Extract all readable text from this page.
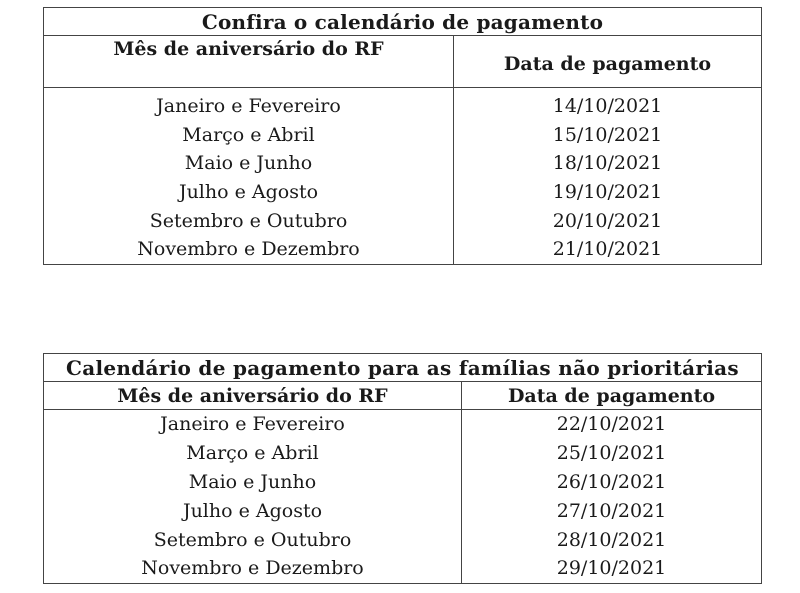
Confira o calendário de pagamento	
Mês de aniversário do RF	Data de pagamento
Janeiro e Fevereiro	14/10/2021
Março e Abril	15/10/2021
Maio e Junho	18/10/2021
Julho e Agosto	19/10/2021
Setembro e Outubro	20/10/2021
Novembro e Dezembro	21/10/2021
Calendário de pagamento para as famílias não prioritárias	
Mês de aniversário do RF	Data de pagamento
Janeiro e Fevereiro	22/10/2021
Março e Abril	25/10/2021
Maio e Junho	26/10/2021
Julho e Agosto	27/10/2021
Setembro e Outubro	28/10/2021
Novembro e Dezembro	29/10/2021
